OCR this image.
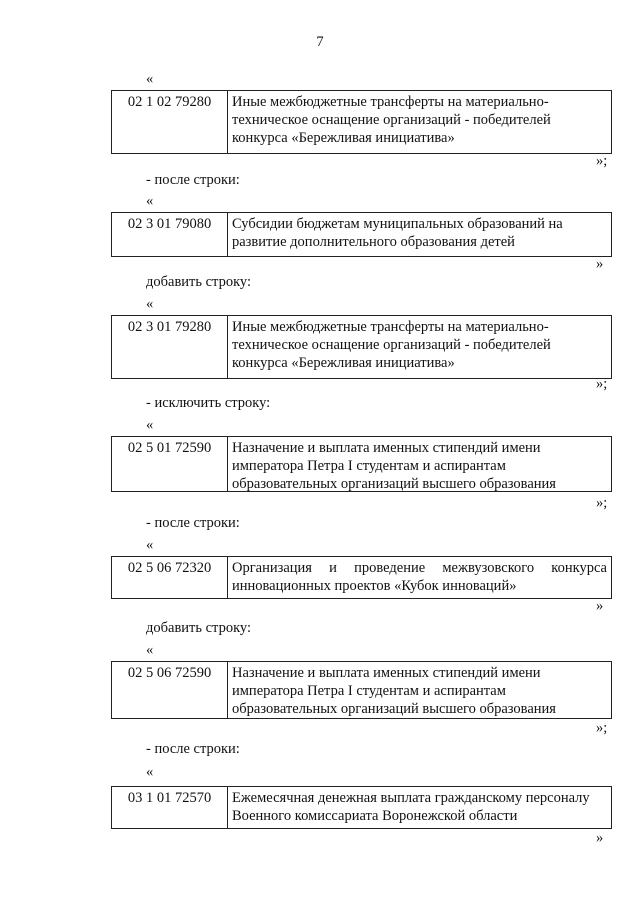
7
«
02 1 02 79280	Иные межбюджетные трансферты на материально-
техническое оснащение организаций - победителей
конкурса «Бережливая инициатива»
»;
- после строки:
«
02 3 01 79080	Субсидии бюджетам муниципальных образований на
развитие дополнительного образования детей
»
добавить строку:
«
02 3 01 79280	Иные межбюджетные трансферты на материально-
техническое оснащение организаций - победителей
конкурса «Бережливая инициатива»
»;
- исключить строку:
«
02 5 01 72590	Назначение и выплата именных стипендий имени
императора Петра I студентам и аспирантам
образовательных организаций высшего образования
»;
- после строки:
«
02 5 06 72320	Организация и проведение межвузовского конкурса
инновационных проектов «Кубок инноваций»
»
добавить строку:
«
02 5 06 72590	Назначение и выплата именных стипендий имени
императора Петра I студентам и аспирантам
образовательных организаций высшего образования
»;
- после строки:
«
03 1 01 72570	Ежемесячная денежная выплата гражданскому персоналу
Военного комиссариата Воронежской области
»
